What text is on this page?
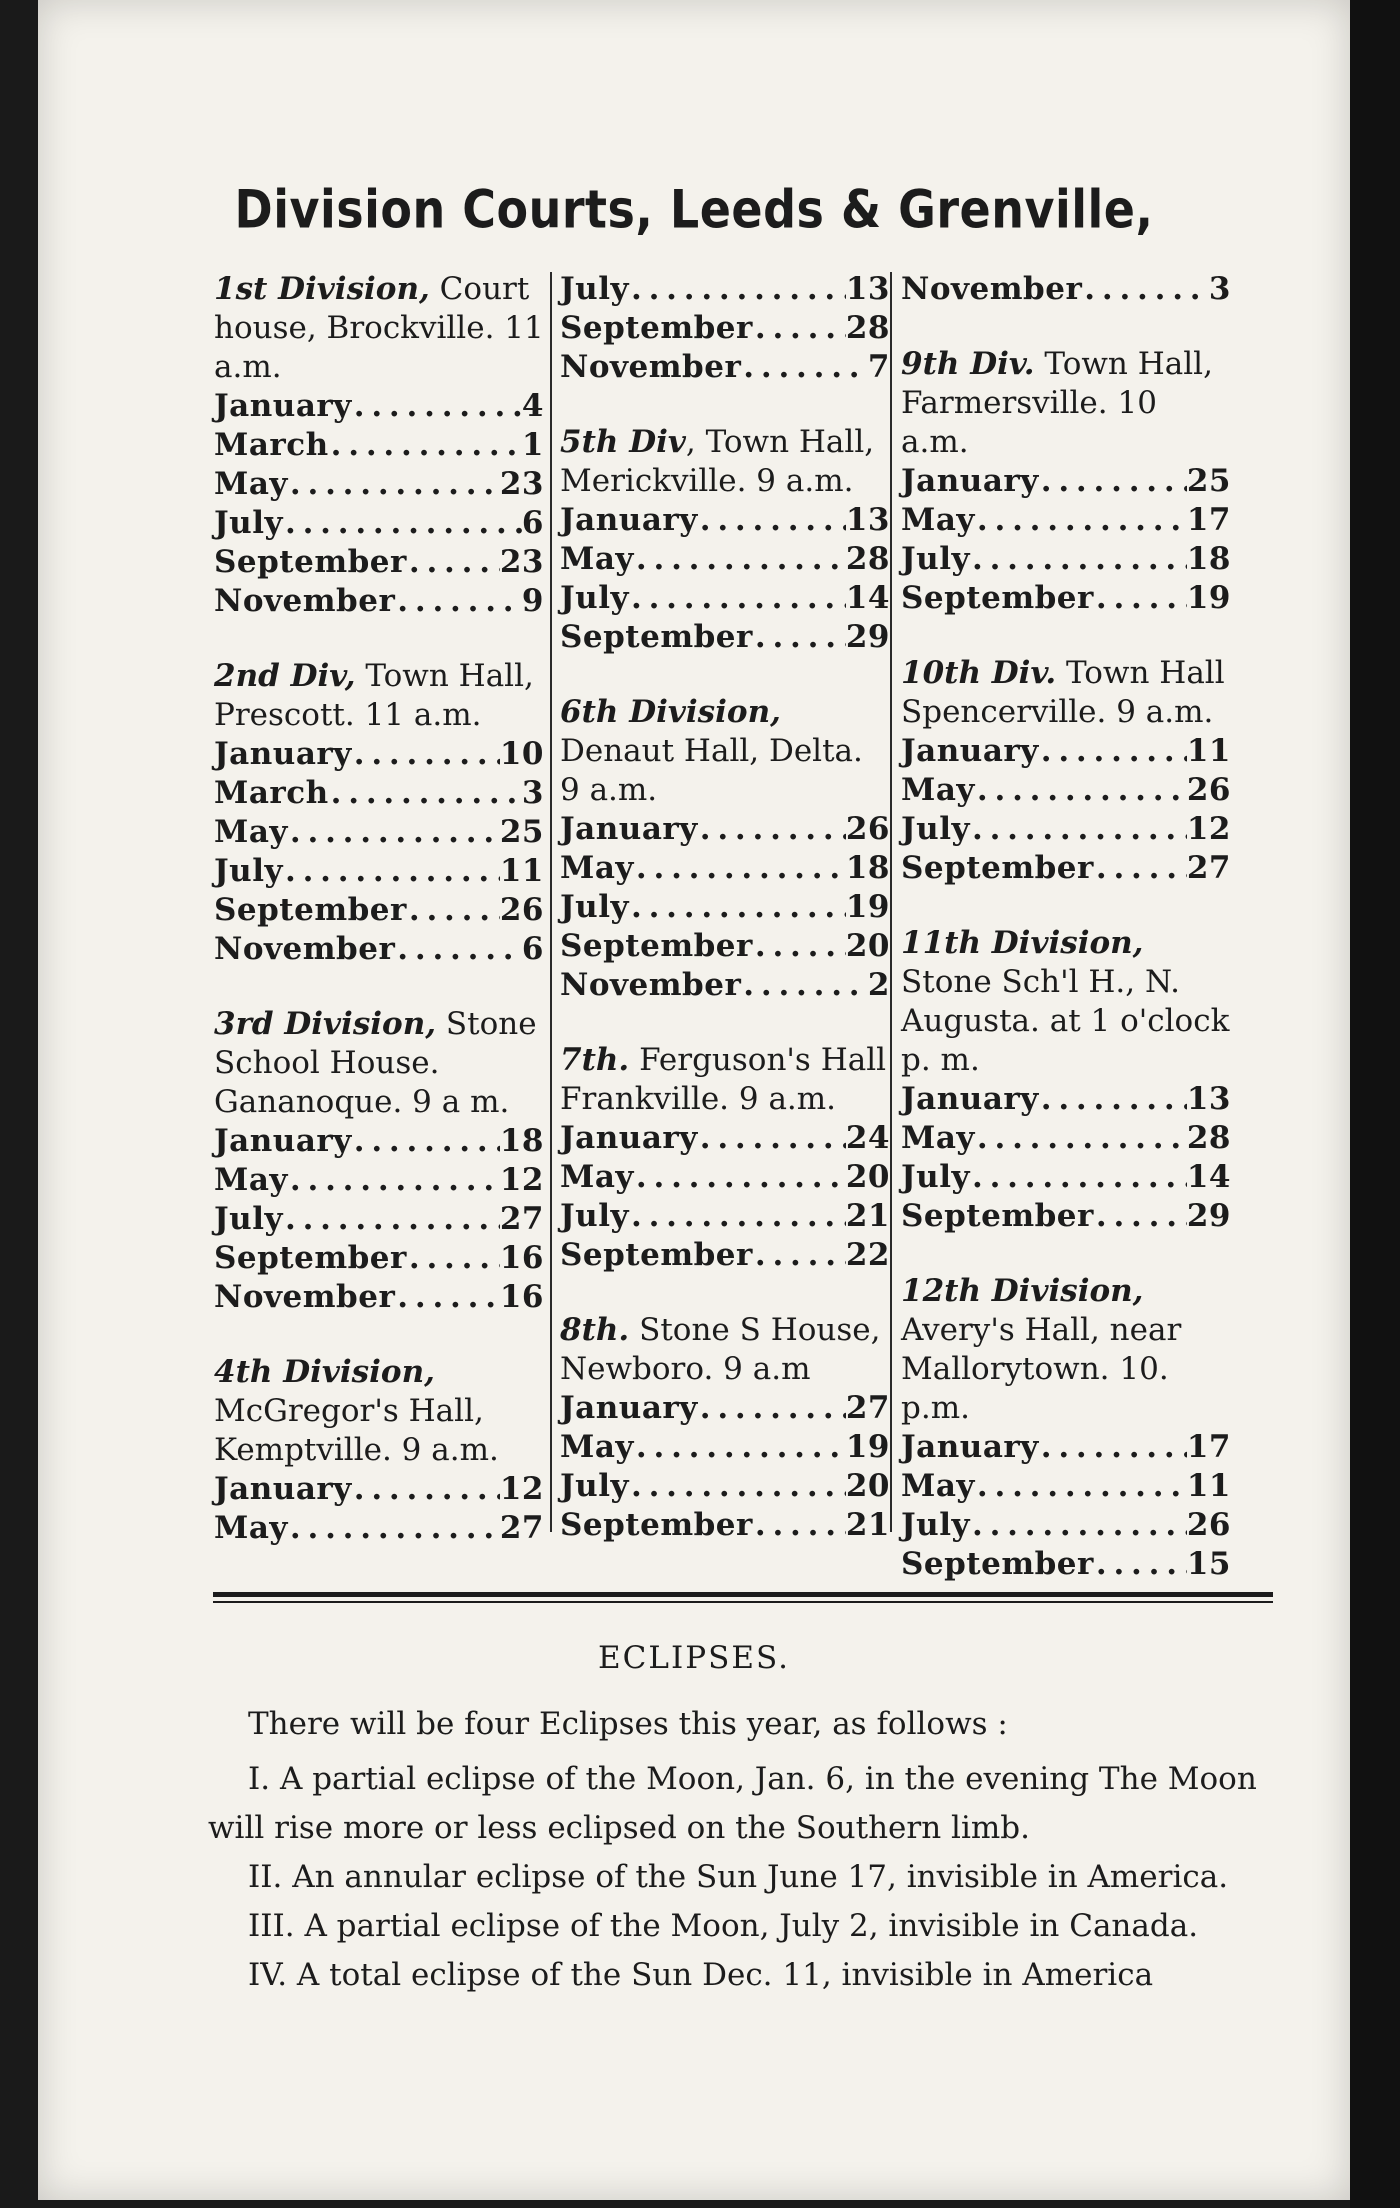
Division Courts, Leeds & Grenville,
1st Division, Court house, Brockville. 11 a.m.
January . . .	4
March . . .	1
May . . .	23
July . . .	6
September . . .	23
November . . .	9
2nd Div, Town Hall, Prescott. 11 a.m.
January . . .	10
March . . .	3
May . . .	25
July . . .	11
September . . .	26
November . . .	6
3rd Division, Stone School House. Gananoque. 9 a m.
January . . .	18
May . . .	12
July . . .	27
September . . .	16
November . . .	16
4th Division, McGregor's Hall, Kemptville. 9 a.m.
January . . .	12
May . . .	27
July . . .	13
September . . .	28
November . . .	7
5th Div, Town Hall, Merickville. 9 a.m.
January . . .	13
May . . .	28
July . . .	14
September . . .	29
6th Division, Denaut Hall, Delta. 9 a.m.
January . . .	26
May . . .	18
July . . .	19
September . . .	20
November . . .	2
7th. Ferguson's Hall Frankville. 9 a.m.
January . . .	24
May . . .	20
July . . .	21
September . . .	22
8th. Stone S House, Newboro. 9 a.m
January . . .	27
May . . .	19
July . . .	20
September . . .	21
November . . .	3
9th Div. Town Hall, Farmersville. 10 a.m.
January . . .	25
May . . .	17
July . . .	18
September . . .	19
10th Div. Town Hall Spencerville. 9 a.m.
January . . .	11
May . . .	26
July . . .	12
September . . .	27
11th Division, Stone Sch'l H., N. Augusta. at 1 o'clock p. m.
January . . .	13
May . . .	28
July . . .	14
September . . .	29
12th Division, Avery's Hall, near Mallorytown. 10. p.m.
January . . .	17
May . . .	11
July . . .	26
September . . .	15
ECLIPSES.
There will be four Eclipses this year, as follows :
I. A partial eclipse of the Moon, Jan. 6, in the evening The Moon will rise more or less eclipsed on the Southern limb.
II. An annular eclipse of the Sun June 17, invisible in America.
III. A partial eclipse of the Moon, July 2, invisible in Canada.
IV. A total eclipse of the Sun Dec. 11, invisible in America
